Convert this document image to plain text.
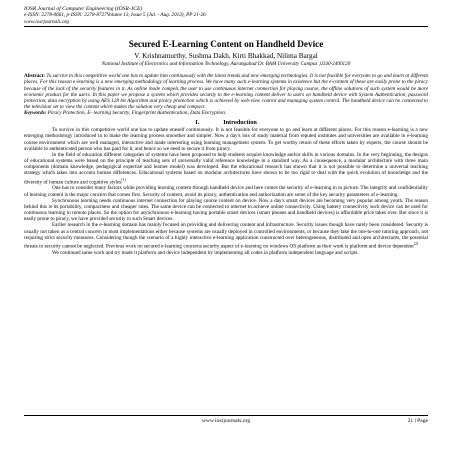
IOSR Journal of Computer Engineering (IOSR-JCE)
e-ISSN: 2278-0661, p-ISSN: 2278-8727Volume 13, Issue 5 (Jul. - Aug. 2013), PP 21-26
www.iosrjournals.org
Secured E-Learning Content on Handheld Device
V. Krishnamurthy, Sushma Dakh, Kirti Bhakkad, Nilima Bargal
National Institute of Electronics and Information Technology, Aurangabad Dr. BAM University Campus ,0240-2400120
Abstract: To survive in this competitive world one has to update him continuously with the latest trends and new emerging technologies. It is not feasible for everyone to go and learn at different places. For this reason e-learning is a new emerging methodology of learning process. We have many such e-learning systems in existence but the e-content of these are easily prone to the piracy because of the lack of the security features in it. As online mode compels the user to use continuous internet connection for playing course, the offline solutions of such system would be more economic product for the users. In this paper we propose a system which provides security to the e-learning content deliver to users on handheld device with System Authentication, password protection, data encryption by using AES 128 bit Algorithm and piracy protection which is achieved by web-view control and managing system control. The handheld device can be connected to the television set to view the content which makes the solution very cheap and compact.
Keywords: Piracy Protection, E- learning Security, Fingerprint Authentication, Data Encryption.
I.	Introduction

To survive in this competitive world one has to update oneself continuously. It is not feasible for everyone to go and learn at different places. For this reason e-learning is a new emerging methodology introduced in to make the learning process smoother and simpler. Now a day's lots of study material from reputed institutes and universities are available in e-learning course environment which are well managed, interactive and made interesting using learning management system. To get worthy return of these efforts taken by experts, the course should be available to authenticated person who has paid for it, and hence so we need to secure it from piracy.

In the field of education different categories of systems have been proposed to help students acquire knowledge and/or skills in various domains. In the very beginning, the designs of educational systems were based on the principle of teaching sets of universally valid reference knowledge in a standard way. As a consequence, a modular architecture with three main components (domain knowledge, pedagogical expertise and learner model) was developed. But the educational research has shown that it is not possible to determine a universal teaching strategy which takes into account human differences. Educational systems based on modular architectures have shown to be too rigid to deal with the quick evolution of knowledge and the diversity of human culture and cognitive styles[1]

One has to consider many factors while providing learning content through handheld device and here comes the security of e-learning in to picture. The integrity and confidentiality of learning content is the major concern that comes first. Security of content, avoid its piracy, authentication and authorization are some of the key security parameters of e-learning.

Synchronous learning needs continuous internet connection for playing course content on device. Now a day's smart devices are becoming very popular among youth. The reason behind this is its portability, compactness and cheaper rates. The same device can be connected to internet to achieve online connectivity. Using battery connectivity such device can be used for continuous learning in remote places. So the option for asynchronous e-learning having portable smart devices (smart phones and handheld devices) is affordable price takes over. But since it is easily prone to piracy, we have provided security to such Smart devices.

Earlier research in the e-learning domain has mainly focused on providing and delivering content and infrastructure. Security issues though have rarely been considered. Security is usually not taken as a central concern in most implementations either because systems are usually deployed in controlled environments, or because they take the one-to-one tutoring approach, not requiring strict security measures. Considering though the scenario of a highly interactive e-learning application constructed over heterogeneous, distributed and open architectures, the potential threats to security cannot be neglected. Previous work on secured e-learning concerns security aspect of e-learning on windows OS platform as their work is platform and device dependent[2]

We continued same work and try made it platform and device independent by implementing all codes in platform independent language and scripts.

www.iosrjournals.org	21 | Page
